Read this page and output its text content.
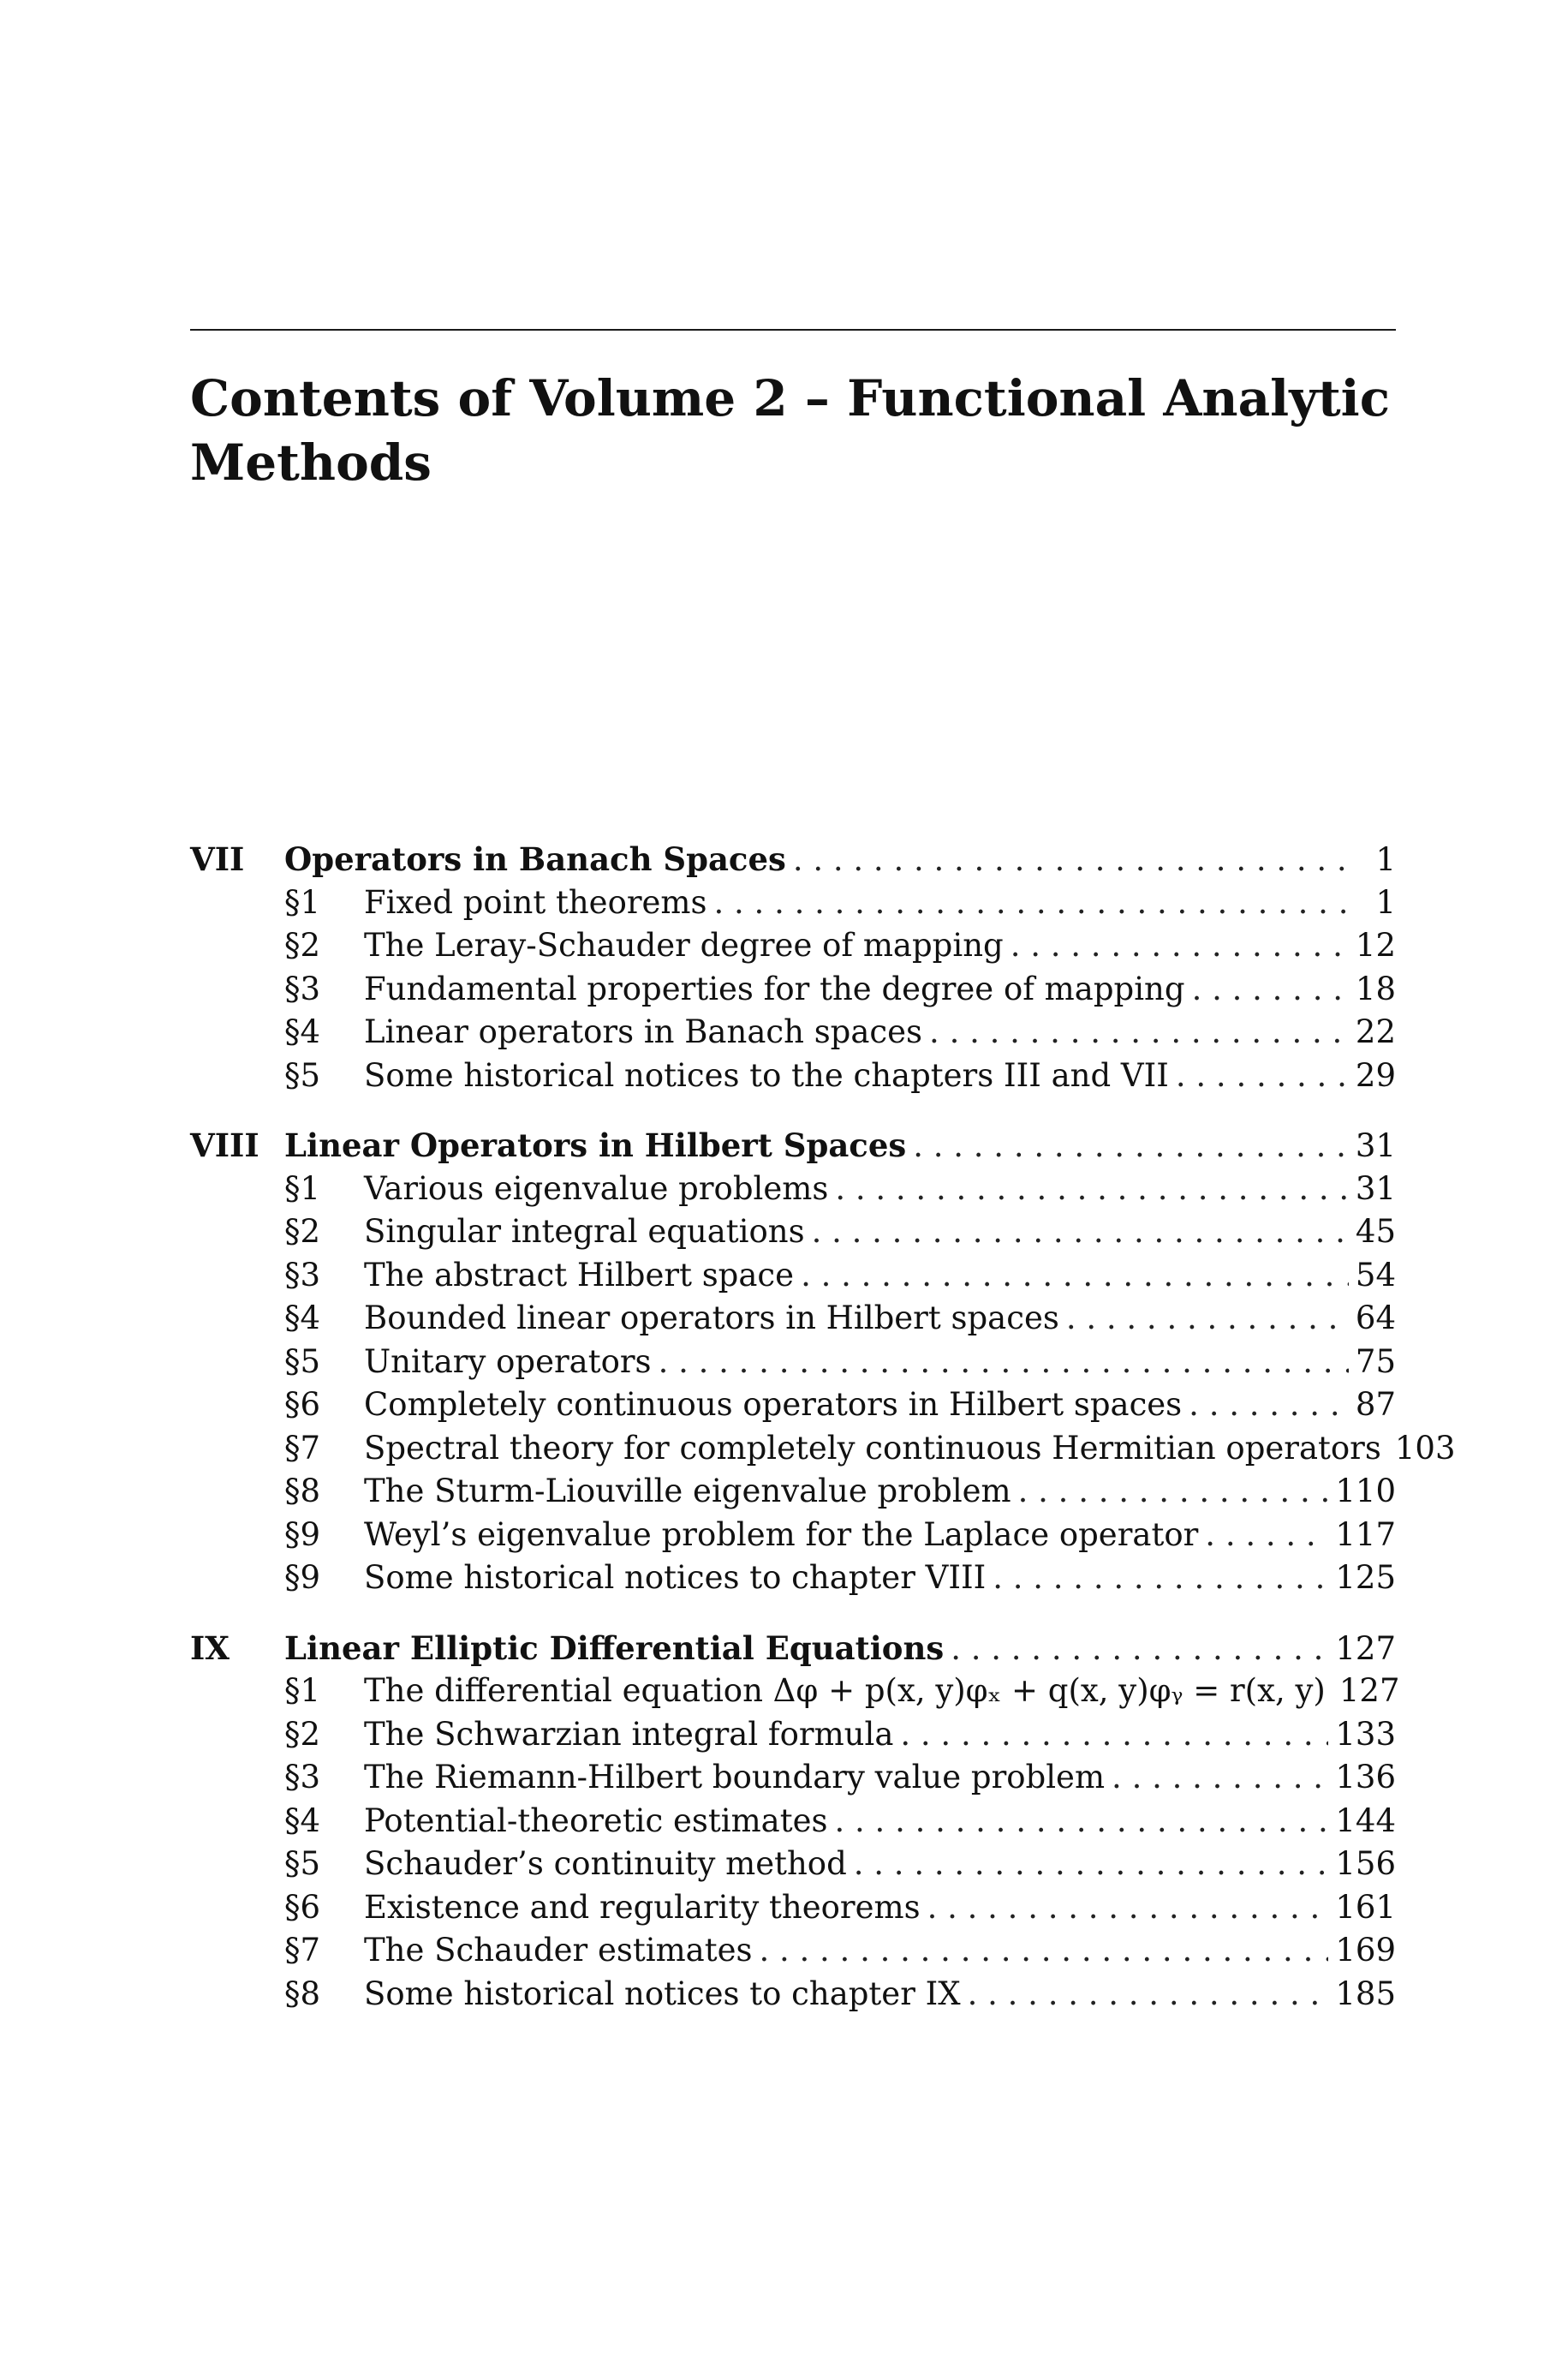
Contents of Volume 2 – Functional Analytic
Methods
VII	Operators in Banach Spaces . . .	1
§1	Fixed point theorems . . .	1
§2	The Leray-Schauder degree of mapping . . .	12
§3	Fundamental properties for the degree of mapping . . .	18
§4	Linear operators in Banach spaces . . .	22
§5	Some historical notices to the chapters III and VII . . .	29
VIII Linear Operators in Hilbert Spaces . . .	31
§1	Various eigenvalue problems . . .	31
§2	Singular integral equations . . .	45
§3	The abstract Hilbert space . . .	54
§4	Bounded linear operators in Hilbert spaces . . .	64
§5	Unitary operators . . .	75
§6	Completely continuous operators in Hilbert spaces . . .	87
§7	Spectral theory for completely continuous Hermitian operators 103
§8	The Sturm-Liouville eigenvalue problem . . .	110
§9	Weyl’s eigenvalue problem for the Laplace operator . . .	117
§9	Some historical notices to chapter VIII . . .	125
IX	Linear Elliptic Differential Equations . . .	127
§1	The differential equation Δφ + p(x, y)φₓ + q(x, y)φᵧ = r(x, y) 127
§2	The Schwarzian integral formula . . .	133
§3	The Riemann-Hilbert boundary value problem . . .	136
§4	Potential-theoretic estimates . . .	144
§5	Schauder’s continuity method . . .	156
§6	Existence and regularity theorems . . .	161
§7	The Schauder estimates . . .	169
§8	Some historical notices to chapter IX . . .	185
